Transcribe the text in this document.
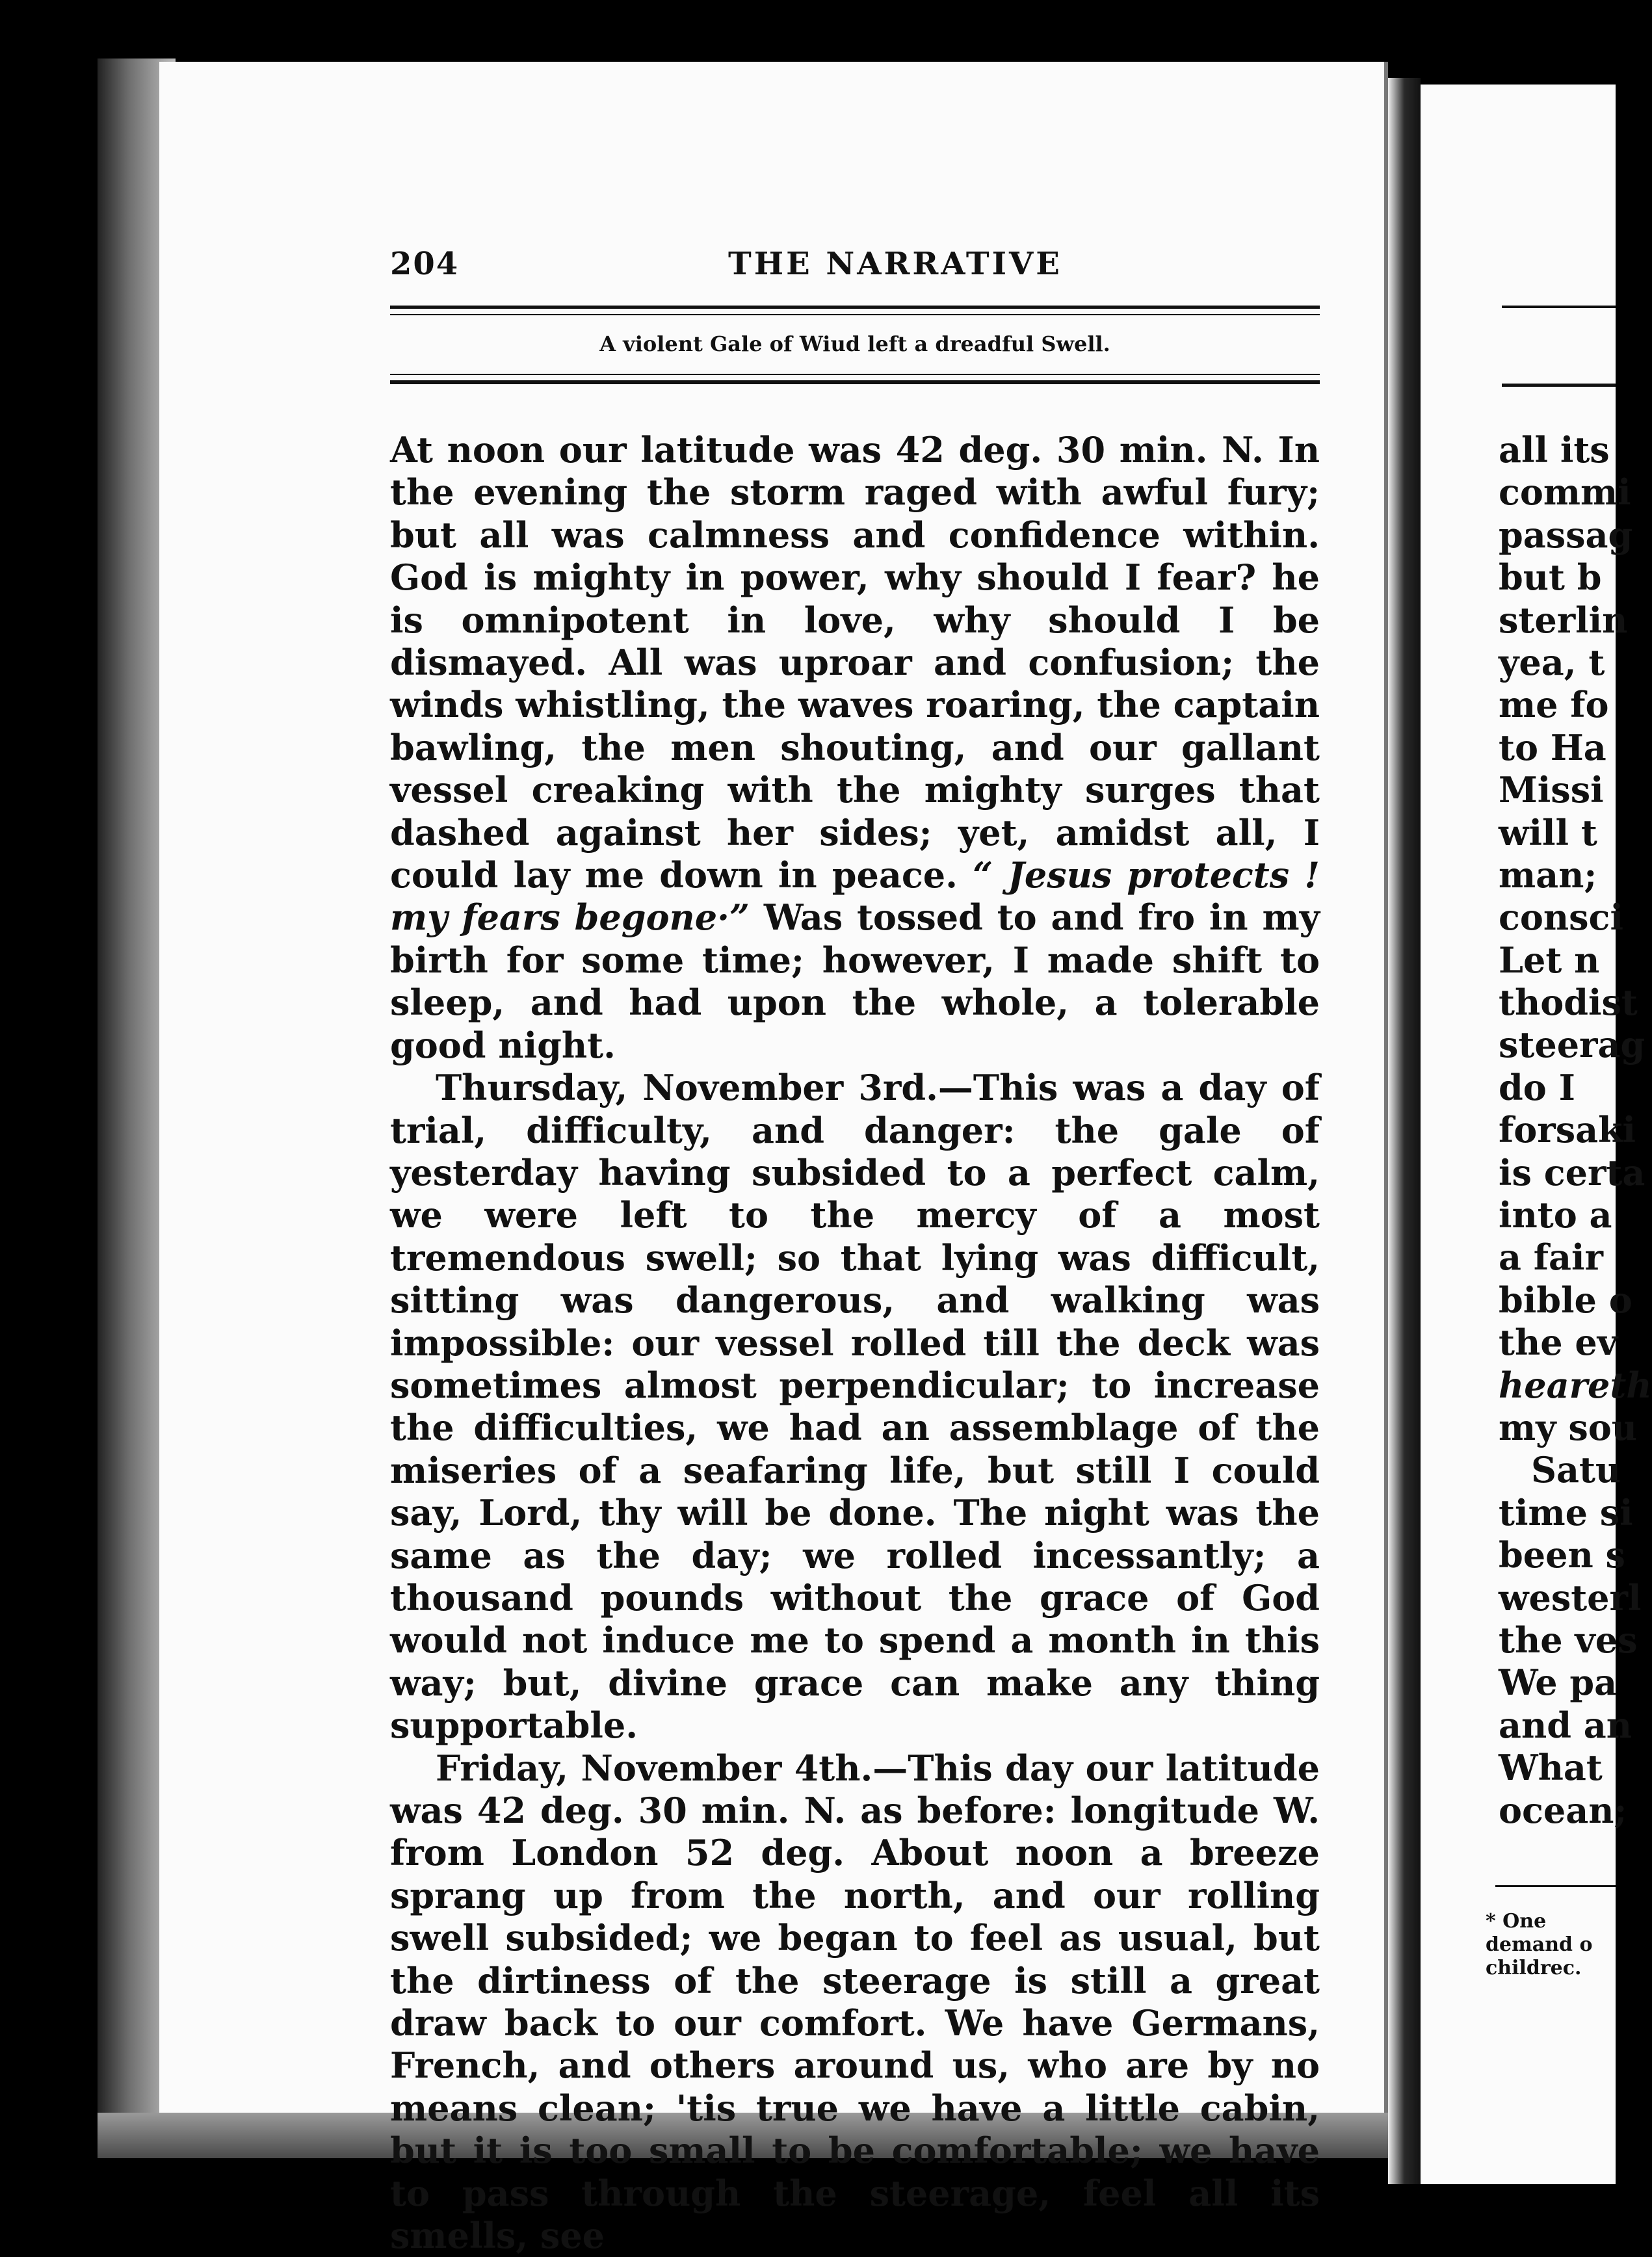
204	THE NARRATIVE
A violent Gale of Wiud left a dreadful Swell.

At noon our latitude was 42 deg. 30 min. N. In the evening the storm raged with awful fury; but all was calmness and confidence within. God is mighty in power, why should I fear? he is omnipotent in love, why should I be dismayed. All was uproar and confusion; the winds whistling, the waves roaring, the captain bawling, the men shouting, and our gallant vessel creaking with the mighty surges that dashed against her sides; yet, amidst all, I could lay me down in peace. “ Jesus protects ! my fears begone·” Was tossed to and fro in my birth for some time; however, I made shift to sleep, and had upon the whole, a tolerable good night.

Thursday, November 3rd.—This was a day of trial, difficulty, and danger: the gale of yesterday having subsided to a perfect calm, we were left to the mercy of a most tremendous swell; so that lying was difficult, sitting was dangerous, and walking was impossible: our vessel rolled till the deck was sometimes almost perpendicular; to increase the difficulties, we had an assemblage of the miseries of a seafaring life, but still I could say, Lord, thy will be done. The night was the same as the day; we rolled incessantly; a thousand pounds without the grace of God would not induce me to spend a month in this way; but, divine grace can make any thing supportable.

Friday, November 4th.—This day our latitude was 42 deg. 30 min. N. as before: longitude W. from London 52 deg. About noon a breeze sprang up from the north, and our rolling swell subsided; we began to feel as usual, but the dirtiness of the steerage is still a great draw back to our comfort. We have Germans, French, and others around us, who are by no means clean; 'tis true we have a little cabin, but it is too small to be comfortable; we have to pass through the steerage, feel all its smells, see

all its
commi
passag
but b
sterlin
yea, t
me fo
to Ha
Missi
will t
man;
consci
Let n
thodist
steerag
do I
forsaki
is certa
into a
a fair
bible o
the ev
heareth
my sou
Satu
time si
been s
westerl
the ves
We pa
and an
What
ocean;
* One
demand o
childrec.
